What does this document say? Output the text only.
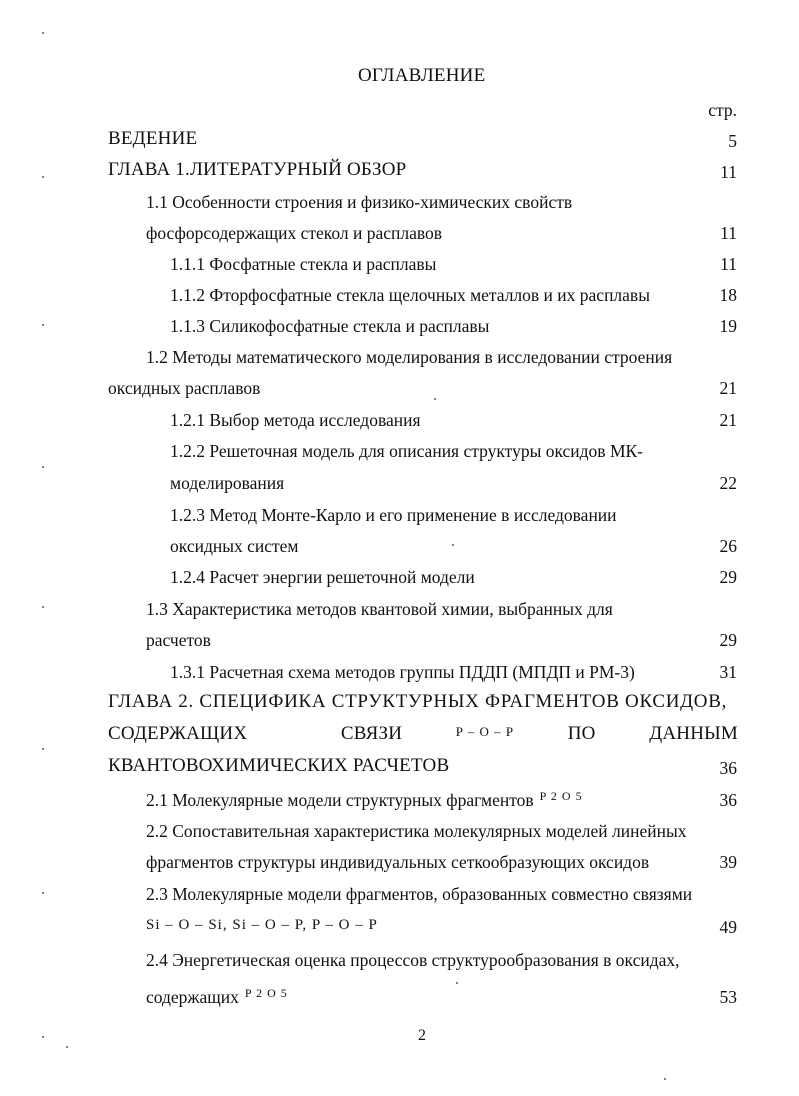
ОГЛАВЛЕНИЕ
стр.
ВЕДЕНИЕ	5
ГЛАВА 1.ЛИТЕРАТУРНЫЙ ОБЗОР	11
1.1 Особенности строения и физико-химических свойств
фосфорсодержащих стекол и расплавов	11
1.1.1 Фосфатные стекла и расплавы	11
1.1.2 Фторфосфатные стекла щелочных металлов и их расплавы	18
1.1.3 Силикофосфатные стекла и расплавы	19
1.2 Методы математического моделирования в исследовании строения
оксидных расплавов	21
1.2.1 Выбор метода исследования	21
1.2.2 Решеточная модель для описания структуры оксидов МК-
моделирования	22
1.2.3 Метод Монте-Карло и его применение в исследовании
оксидных систем	26
1.2.4 Расчет энергии решеточной модели	29
1.3 Характеристика методов квантовой химии, выбранных для
расчетов	29
1.3.1 Расчетная схема методов группы ПДДП (МПДП и РМ-3)	31
ГЛАВА 2. СПЕЦИФИКА СТРУКТУРНЫХ ФРАГМЕНТОВ ОКСИДОВ,
СОДЕРЖАЩИХ	СВЯЗИ	P – O – P	ПО	ДАННЫМ
КВАНТОВОХИМИЧЕСКИХ РАСЧЕТОВ	36
2.1 Молекулярные модели структурных фрагментов $^{P 2 O 5}$	36
2.2 Сопоставительная характеристика молекулярных моделей линейных
фрагментов структуры индивидуальных сеткообразующих оксидов	39
2.3 Молекулярные модели фрагментов, образованных совместно связями
Si – O – Si, Si – O – P, P – O – P	49
2.4 Энергетическая оценка процессов структурообразования в оксидах,
содержащих $^{P 2 O 5}$	53
2
